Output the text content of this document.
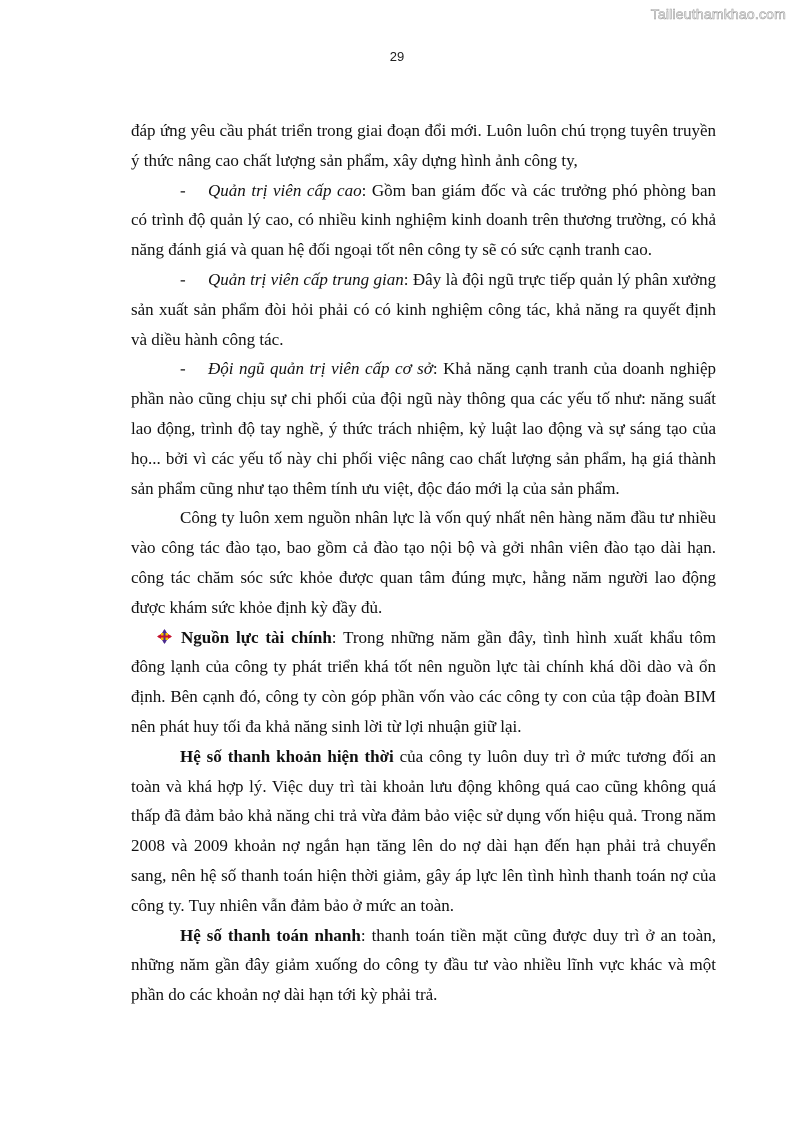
Tailieuthamkhao.com
29

đáp ứng yêu cầu phát triển trong giai đoạn đổi mới. Luôn luôn chú trọng tuyên truyền ý thức nâng cao chất lượng sản phẩm, xây dựng hình ảnh công ty,

- Quản trị viên cấp cao: Gồm ban giám đốc và các trưởng phó phòng ban có trình độ quản lý cao, có nhiều kinh nghiệm kinh doanh trên thương trường, có khả năng đánh giá và quan hệ đối ngoại tốt nên công ty sẽ có sức cạnh tranh cao.

- Quản trị viên cấp trung gian: Đây là đội ngũ trực tiếp quản lý phân xưởng sản xuất sản phẩm đòi hỏi phải có có kinh nghiệm công tác, khả năng ra quyết định và diều hành công tác.

- Đội ngũ quản trị viên cấp cơ sở: Khả năng cạnh tranh của doanh nghiệp phần nào cũng chịu sự chi phối của đội ngũ này thông qua các yếu tố như: năng suất lao động, trình độ tay nghề, ý thức trách nhiệm, kỷ luật lao động và sự sáng tạo của họ... bởi vì các yếu tố này chi phối việc nâng cao chất lượng sản phẩm, hạ giá thành sản phẩm cũng như tạo thêm tính ưu việt, độc đáo mới lạ của sản phẩm.

Công ty luôn xem nguồn nhân lực là vốn quý nhất nên hàng năm đầu tư nhiều vào công tác đào tạo, bao gồm cả đào tạo nội bộ và gởi nhân viên đào tạo dài hạn. công tác chăm sóc sức khỏe được quan tâm đúng mực, hằng năm người lao động được khám sức khỏe định kỳ đầy đủ.

Nguồn lực tài chính: Trong những năm gần đây, tình hình xuất khẩu tôm đông lạnh của công ty phát triển khá tốt nên nguồn lực tài chính khá dồi dào và ổn định. Bên cạnh đó, công ty còn góp phần vốn vào các công ty con của tập đoàn BIM nên phát huy tối đa khả năng sinh lời từ lợi nhuận giữ lại.

Hệ số thanh khoản hiện thời của công ty luôn duy trì ở mức tương đối an toàn và khá hợp lý. Việc duy trì tài khoản lưu động không quá cao cũng không quá thấp đã đảm bảo khả năng chi trả vừa đảm bảo việc sử dụng vốn hiệu quả. Trong năm 2008 và 2009 khoản nợ ngắn hạn tăng lên do nợ dài hạn đến hạn phải trả chuyển sang, nên hệ số thanh toán hiện thời giảm, gây áp lực lên tình hình thanh toán nợ của công ty. Tuy nhiên vẫn đảm bảo ở mức an toàn.

Hệ số thanh toán nhanh: thanh toán tiền mặt cũng được duy trì ở an toàn, những năm gần đây giảm xuống do công ty đầu tư vào nhiều lĩnh vực khác và một phần do các khoản nợ dài hạn tới kỳ phải trả.
